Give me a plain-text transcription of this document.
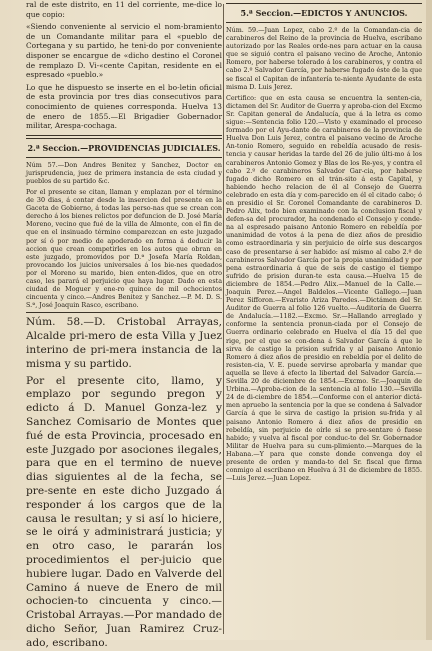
ral de este distrito, en 11 del corriente, me-dice lo que copio:

«Siendo conveniente al servicio el nom-bramiento de un Comandante militar para el «pueblo de Cortegana y su partido, he teni-do por conveniente disponer se encargue de «dicho destino el Coronel de remplazo D. Vi-«cente Capitan, residente en el espresado «pueblo.»

Lo que he dispuesto se inserte en el bo-letin oficial de esta provincia por tres dias consecutivos para conocimiento de quienes corresponda. Huelva 13 de enero de 1855.—El Brigadier Gobernador militar, Arespa-cochaga.

2.ª Seccion.—PROVIDENCIAS JUDICIALES.

Núm 57.—Don Andres Benitez y Sanchez, Doctor en jurisprudencia, juez de primera instancia de esta ciudad y pueblos de su partido &c.

Por el presente se citan, llaman y emplazan por el término de 30 dias, á contar desde la insercion del presente en la Gaceta de Gobierno, á todas las perso-nas que se crean con derecho á los bienes relictos por defuncion de D. José María Moreno, vecino que fué de la villa de Almonte, con el fin de que en el insinuado término comparezcan en este juzgado por sí ó por medio de apoderado en forma á deducir la accion que crean competirles en los autos que obran en este juzgado, promovidos por D.ª Josefa María Roldan, provocando los juicios universales á los bie-nes quedados por el Moreno su marido, bien enten-didos, que en otro caso, les parará el perjuicio que haya lugar. Dado en esta ciudad de Moguer y ene-ro quince de mil ochocientos cincuenta y cinco.—Andres Benitez y Sanchez.—P. M. D. S. S.ª, José Joaquin Rasco, escribano.

Núm. 58.—D. Cristobal Arrayas, Alcalde pri-mero de esta Villa y Juez interino de pri-mera instancia de la misma y su partido.

Por el presente cito, llamo, y emplazo por segundo pregon y edicto á D. Manuel Gonza-lez y Sanchez Comisario de Montes que fué de esta Provincia, procesado en este Juzgado por asociones ilegales, para que en el termino de nueve dias siguientes al de la fecha, se pre-sente en este dicho Juzgado á responder á los cargos que de la causa le resultan; y si así lo hiciere, se le oirá y administrará justicia; y en otro caso, le pararán los procedimientos el per-juicio que hubiere lugar. Dado en Valverde del Camino á nueve de Enero de mil ochocien-to cincuenta y cinco.—Cristobal Arrayas.—Por mandado de dicho Señor, Juan Ramirez Cruz-ado, escribano.

5.ª Seccion.—EDICTOS Y ANUNCIOS.

Núm. 59.—Juan Lopez, cabo 2.º de la Comandan-cia de carabineros del Reino de la provincia de Huelva, escribano autorizado por las Reales orde-nes para actuar en la causa que se siguió contra el paisano vecino de Aroche, Antonio Romero, por haberse tolerado á los carabineros, y contra el cabo 2.º Salvador García, por haberse fugado éste de la que se fiscal el Capitan de infantería te-niente Ayudante de esta misma D. Luis Jerez.

Certifico: que en esta causa se encuentra la senten-cia, dictamen del Sr. Auditor de Guerra y aproba-cion del Excmo Sr. Capitan general de Andalucía, que á la letra es como sigue:—Sentencia folio 120.—Visto y examinado el proceso formado por el Ayu-dante de carabineros de la provincia de Huelva Don Luis Jerez, contra el paisano vecino de Aroche An-tonio Romero, seguido en rebeldía acusado de resis-tencia y causar heridas la tarde del 26 de julio últi-mo á los carabineros Antonio Gomez y Blas de los Re-yes, y contra el cabo 2.º de carabineros Salvador Gar-cia, por haberse fugado dicho Romero en el trán-sito á esta Capital, y habiendo hecho relacion de él al Consejo de Guerra celebrado en esta día y com-parecido en él el citado cabo; ó en presidio el Sr. Coronel Comandante de carabineros D. Pedro Alix, todo bien examinado con la conclusion fiscal y defen-sa del procurador, ha condenado el Consejo y conde-na al espresado paisano Antonio Romero en rebeldía por unanimidad de votos á la pena de diez años de presidio como estraordinaria y sin perjuicio de oírle sus descargos caso de presentarse á ser habido: así mismo al cabo 2.º de carabineros Salvador García por la propia unanimidad y por pena estraordinaria á que de seis de castigo el tiempo sufrido de prision duran-te esta causa.—Huelva 15 de diciembre de 1854.—Pedro Alix.—Manuel de la Calle.—Joaquin Perez.—Angel Baldelos.—Vicente Gallego.—Juan Perez Sifforon.—Evaristo Ariza Paredes.—Dictámen del Sr. Auditor de Guerra al folio 126 vuelto.—Auditoría de Guerra de Andalucía.—1182.—Excmo. Sr.—Hallando arreglado y conforme la sentencia pronun-ciada por el Consejo de Guerra ordinario celebrado en Huelva el día 15 del que rige, por el que se con-dena á Salvador García á que le sirva de castigo la prision sufrida y al paisano Antonio Romero á diez años de presidio en rebeldía por el delito de resisten-cia, V. E. puede servirse aprobarla y mandar que aquella se lleve á efecto la libertad del Salvador García.—Sevilla 20 de diciembre de 1854.—Excmo. Sr.—Joaquin de Urbina.—Aproba-cion de la sentencia al folio 130.—Sevilla 24 de di-ciembre de 1854.—Conforme con el anterior dictá-men apruebo la sentencia por la que se condena á Salvador García á que le sirva de castigo la prision su-frida y al paisano Antonio Romero á diez años de presidio en rebeldía, sin perjuicio de oírle si se pre-sentare ó fuese habido; y vuelva al fiscal por conduc-to del Sr. Gobernador Militar de Huelva para su cum-plimiento.—Marques de la Habana.—Y para que conste donde convenga doy el presente de orden y manda-to del Sr. fiscal que firma conmigo al escribano en Huelva á 31 de diciembre de 1855.—Luis Jerez.—Juan Lopez.
